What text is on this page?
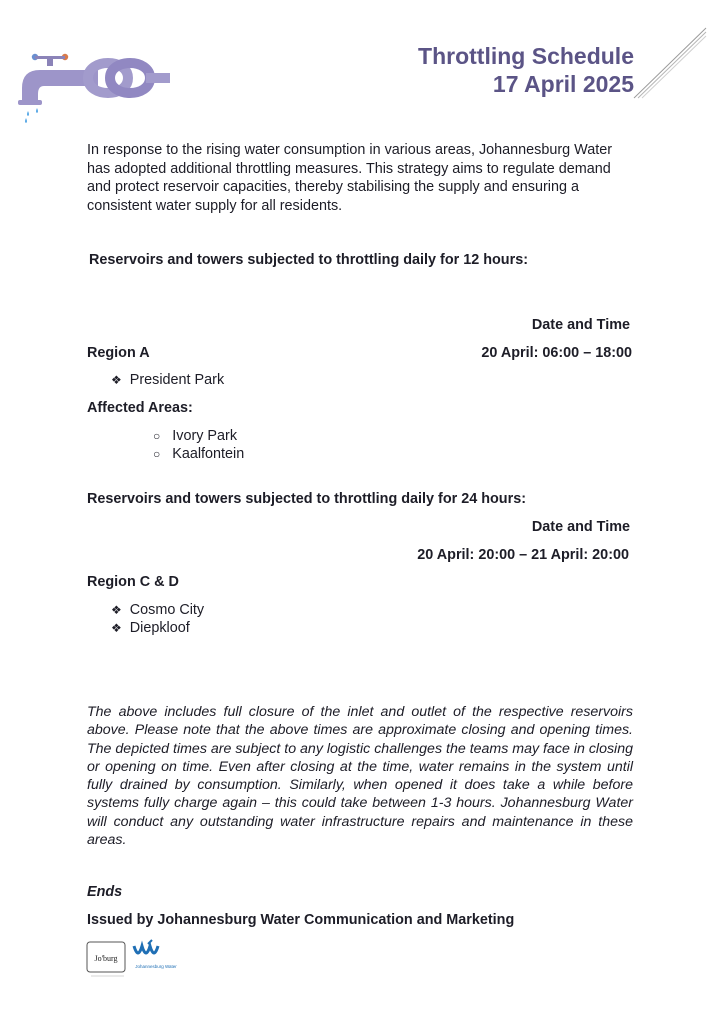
Throttling Schedule
17 April 2025
In response to the rising water consumption in various areas, Johannesburg Water has adopted additional throttling measures. This strategy aims to regulate demand and protect reservoir capacities, thereby stabilising the supply and ensuring a consistent water supply for all residents.
Reservoirs and towers subjected to throttling daily for 12 hours:
Date and Time
Region A	20 April: 06:00 – 18:00
❖ President Park
Affected Areas:
○ Ivory Park
○ Kaalfontein
Reservoirs and towers subjected to throttling daily for 24 hours:
Date and Time
20 April: 20:00 – 21 April: 20:00
Region C & D
❖ Cosmo City
❖ Diepkloof
The above includes full closure of the inlet and outlet of the respective reservoirs above. Please note that the above times are approximate closing and opening times. The depicted times are subject to any logistic challenges the teams may face in closing or opening on time. Even after closing at the time, water remains in the system until fully drained by consumption. Similarly, when opened it does take a while before systems fully charge again – this could take between 1-3 hours. Johannesburg Water will conduct any outstanding water infrastructure repairs and maintenance in these areas.
Ends
Issued by Johannesburg Water Communication and Marketing
Jo'burg
Johannesburg Water
